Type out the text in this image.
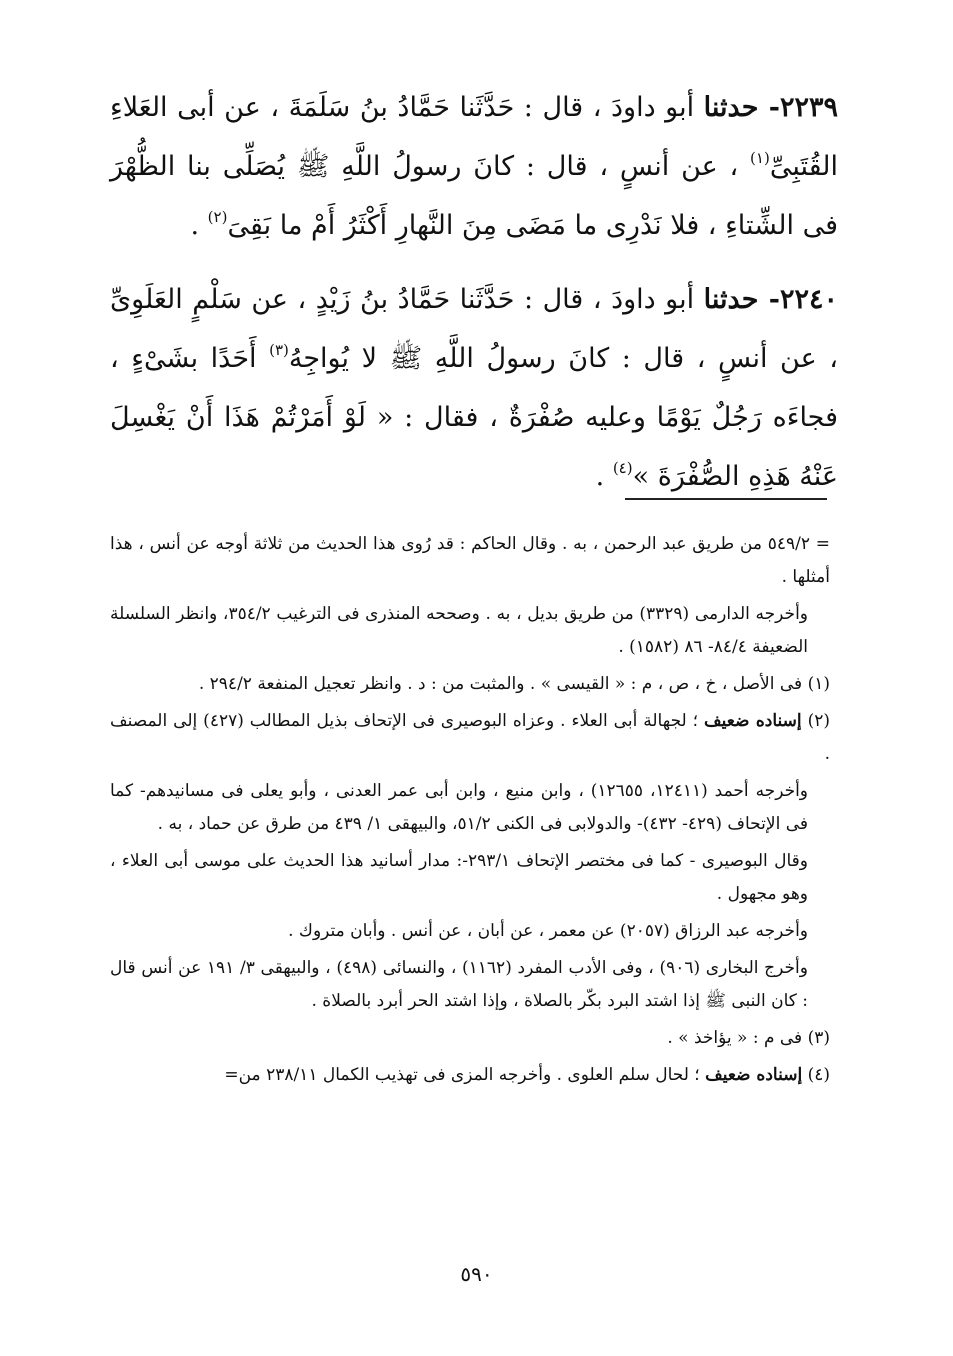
٢٢٣٩- حدثنا أبو داودَ ، قال : حَدَّثَنا حَمَّادُ بنُ سَلَمَةَ ، عن أبى العَلاءِ القُتَبِىِّ$^{(١)}$ ، عن أنسٍ ، قال : كانَ رسولُ اللَّهِ ﷺ يُصَلِّى بنا الظُّهْرَ فى الشِّتاءِ ، فلا نَدْرِى ما مَضَى مِنَ النَّهارِ أَكْثَرُ أَمْ ما بَقِىَ$^{(٢)}$ .

٢٢٤٠- حدثنا أبو داودَ ، قال : حَدَّثَنا حَمَّادُ بنُ زَيْدٍ ، عن سَلْمٍ العَلَوِىِّ ، عن أنسٍ ، قال : كانَ رسولُ اللَّهِ ﷺ لا يُواجِهُ$^{(٣)}$ أَحَدًا بشَىْءٍ ، فجاءَه رَجُلٌ يَوْمًا وعليه صُفْرَةٌ ، فقال : « لَوْ أَمَرْتُمْ هَذَا أَنْ يَغْسِلَ عَنْهُ هَذِهِ الصُّفْرَةَ »$^{(٤)}$ .

= ٥٤٩/٢ من طريق عبد الرحمن ، به . وقال الحاكم : قد رُوى هذا الحديث من ثلاثة أوجه عن أنس ، هذا أمثلها .

وأخرجه الدارمى (٣٣٢٩) من طريق بديل ، به . وصححه المنذرى فى الترغيب ٣٥٤/٢، وانظر السلسلة الضعيفة ٨٤/٤- ٨٦ (١٥٨٢) .

(١) فى الأصل ، خ ، ص ، م : « القيسى » . والمثبت من : د . وانظر تعجيل المنفعة ٢٩٤/٢ .

(٢) إسناده ضعيف ؛ لجهالة أبى العلاء . وعزاه البوصيرى فى الإتحاف بذيل المطالب (٤٢٧) إلى المصنف .

وأخرجه أحمد (١٢٤١١، ١٢٦٥٥) ، وابن منيع ، وابن أبى عمر العدنى ، وأبو يعلى فى مسانيدهم- كما فى الإتحاف (٤٢٩- ٤٣٢)- والدولابى فى الكنى ٥١/٢، والبيهقى ١/ ٤٣٩ من طرق عن حماد ، به .

وقال البوصيرى - كما فى مختصر الإتحاف ٢٩٣/١-: مدار أسانيد هذا الحديث على موسى أبى العلاء ، وهو مجهول .

وأخرجه عبد الرزاق (٢٠٥٧) عن معمر ، عن أبان ، عن أنس . وأبان متروك .

وأخرج البخارى (٩٠٦) ، وفى الأدب المفرد (١١٦٢) ، والنسائى (٤٩٨) ، والبيهقى ٣/ ١٩١ عن أنس قال : كان النبى ﷺ إذا اشتد البرد بكّر بالصلاة ، وإذا اشتد الحر أبرد بالصلاة .

(٣) فى م : « يؤاخذ » .

(٤) إسناده ضعيف ؛ لحال سلم العلوى . وأخرجه المزى فى تهذيب الكمال ٢٣٨/١١ من=

٥٩٠
